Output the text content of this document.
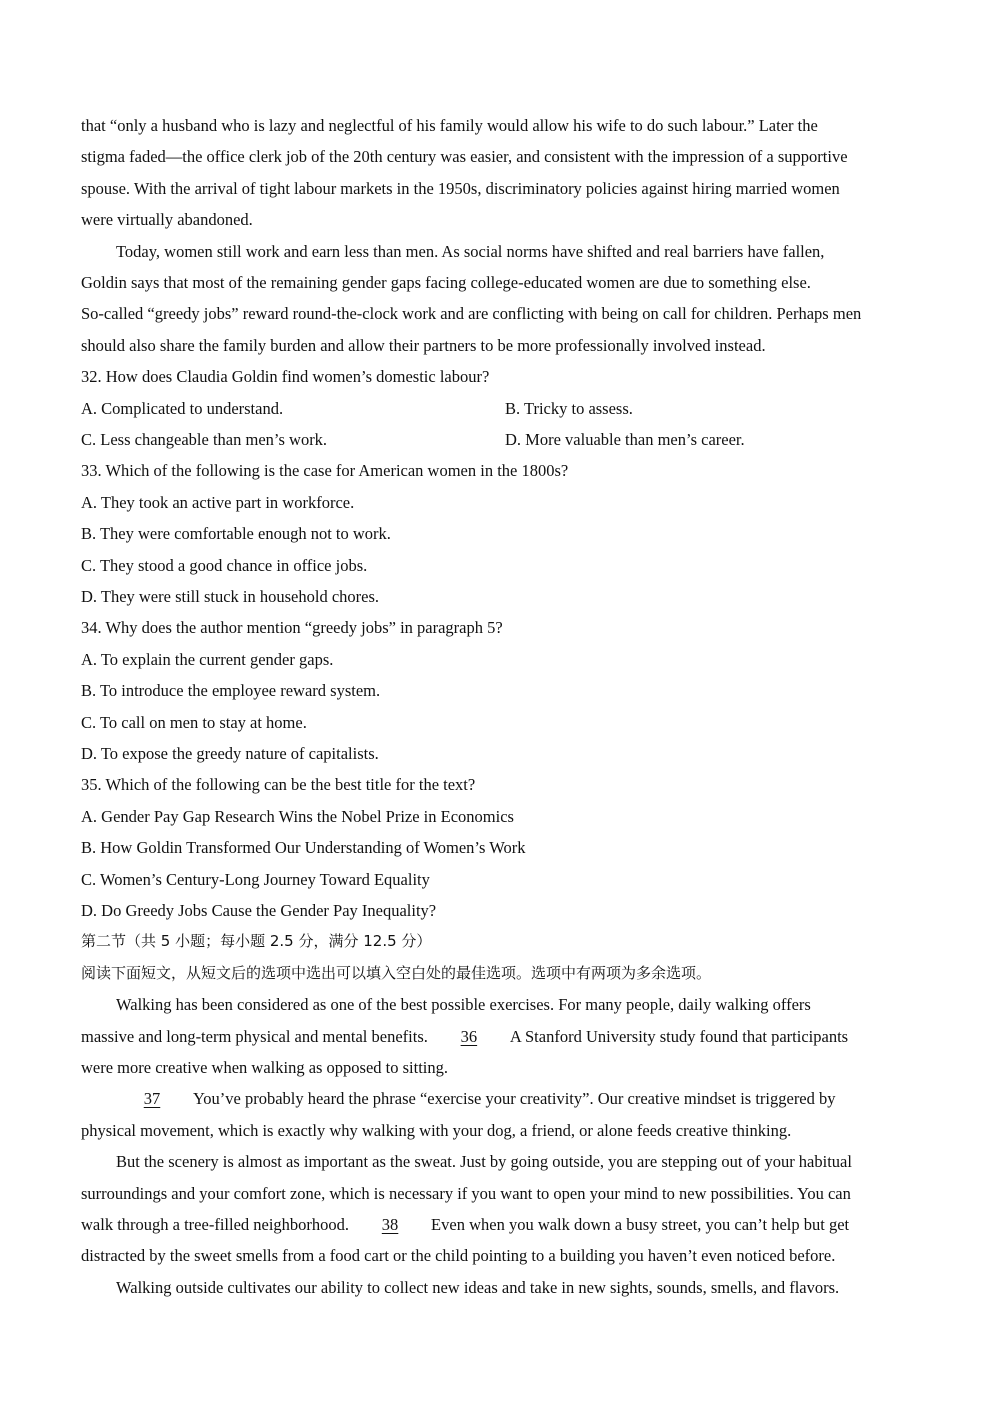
that “only a husband who is lazy and neglectful of his family would allow his wife to do such labour.” Later the
stigma faded—the office clerk job of the 20th century was easier, and consistent with the impression of a supportive
spouse. With the arrival of tight labour markets in the 1950s, discriminatory policies against hiring married women
were virtually abandoned.
Today, women still work and earn less than men. As social norms have shifted and real barriers have fallen,
Goldin says that most of the remaining gender gaps facing college-educated women are due to something else.
So-called “greedy jobs” reward round-the-clock work and are conflicting with being on call for children. Perhaps men
should also share the family burden and allow their partners to be more professionally involved instead.
32. How does Claudia Goldin find women’s domestic labour?
A. Complicated to understand.	B. Tricky to assess.
C. Less changeable than men’s work.	D. More valuable than men’s career.
33. Which of the following is the case for American women in the 1800s?
A. They took an active part in workforce.
B. They were comfortable enough not to work.
C. They stood a good chance in office jobs.
D. They were still stuck in household chores.
34. Why does the author mention “greedy jobs” in paragraph 5?
A. To explain the current gender gaps.
B. To introduce the employee reward system.
C. To call on men to stay at home.
D. To expose the greedy nature of capitalists.
35. Which of the following can be the best title for the text?
A. Gender Pay Gap Research Wins the Nobel Prize in Economics
B. How Goldin Transformed Our Understanding of Women’s Work
C. Women’s Century-Long Journey Toward Equality
D. Do Greedy Jobs Cause the Gender Pay Inequality?
第二节（共 5 小题；每小题 2.5 分，满分 12.5 分）
阅读下面短文，从短文后的选项中选出可以填入空白处的最佳选项。选项中有两项为多余选项。
Walking has been considered as one of the best possible exercises. For many people, daily walking offers
massive and long-term physical and mental benefits. 36 A Stanford University study found that participants
were more creative when walking as opposed to sitting.
37 You’ve probably heard the phrase “exercise your creativity”. Our creative mindset is triggered by
physical movement, which is exactly why walking with your dog, a friend, or alone feeds creative thinking.
But the scenery is almost as important as the sweat. Just by going outside, you are stepping out of your habitual
surroundings and your comfort zone, which is necessary if you want to open your mind to new possibilities. You can
walk through a tree-filled neighborhood. 38 Even when you walk down a busy street, you can’t help but get
distracted by the sweet smells from a food cart or the child pointing to a building you haven’t even noticed before.
Walking outside cultivates our ability to collect new ideas and take in new sights, sounds, smells, and flavors.
